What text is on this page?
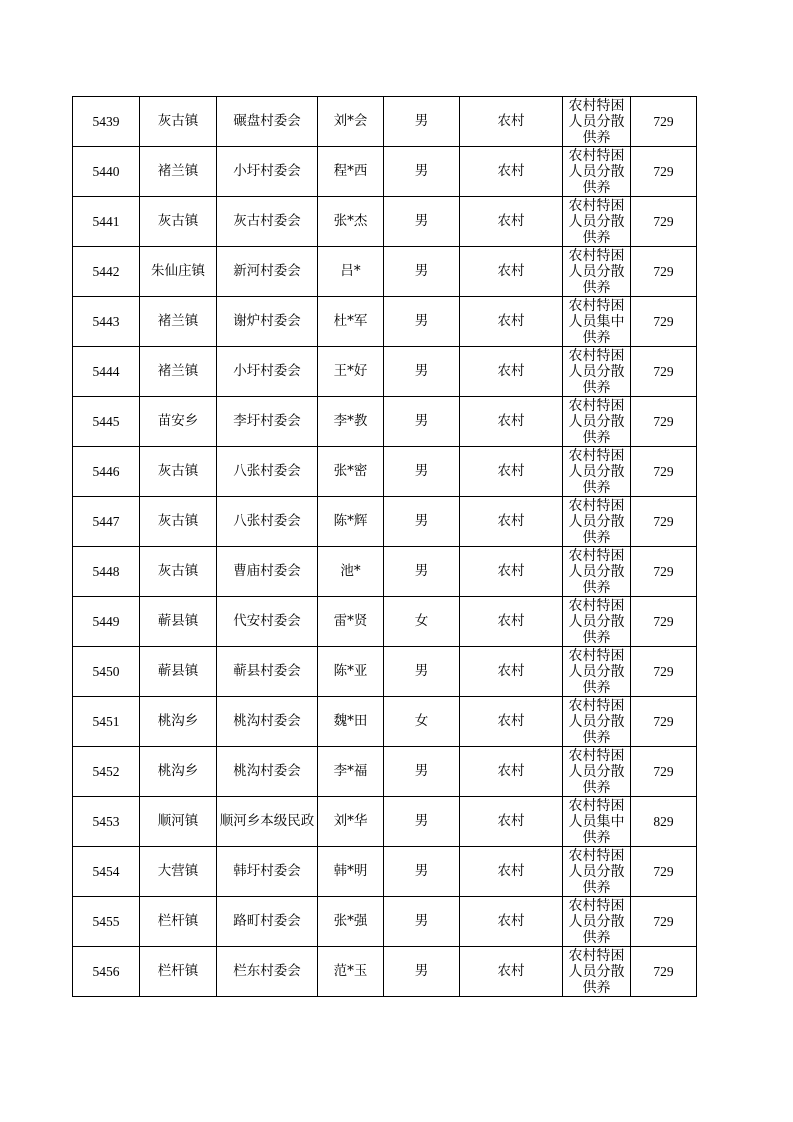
5439	灰古镇	碾盘村委会	刘*会	男	农村	农村特困人员分散供养	729

5440	褚兰镇	小圩村委会	程*西	男	农村	农村特困人员分散供养	729

5441	灰古镇	灰古村委会	张*杰	男	农村	农村特困人员分散供养	729

5442	朱仙庄镇	新河村委会	吕*	男	农村	农村特困人员分散供养	729

5443	褚兰镇	谢炉村委会	杜*军	男	农村	农村特困人员集中供养	729

5444	褚兰镇	小圩村委会	王*好	男	农村	农村特困人员分散供养	729

5445	苗安乡	李圩村委会	李*教	男	农村	农村特困人员分散供养	729

5446	灰古镇	八张村委会	张*密	男	农村	农村特困人员分散供养	729

5447	灰古镇	八张村委会	陈*辉	男	农村	农村特困人员分散供养	729

5448	灰古镇	曹庙村委会	池*	男	农村	农村特困人员分散供养	729

5449	蕲县镇	代安村委会	雷*贤	女	农村	农村特困人员分散供养	729

5450	蕲县镇	蕲县村委会	陈*亚	男	农村	农村特困人员分散供养	729

5451	桃沟乡	桃沟村委会	魏*田	女	农村	农村特困人员分散供养	729

5452	桃沟乡	桃沟村委会	李*福	男	农村	农村特困人员分散供养	729

5453	顺河镇	顺河乡本级民政	刘*华	男	农村	农村特困人员集中供养	829

5454	大营镇	韩圩村委会	韩*明	男	农村	农村特困人员分散供养	729

5455	栏杆镇	路町村委会	张*强	男	农村	农村特困人员分散供养	729

5456	栏杆镇	栏东村委会	范*玉	男	农村	农村特困人员分散供养	729
